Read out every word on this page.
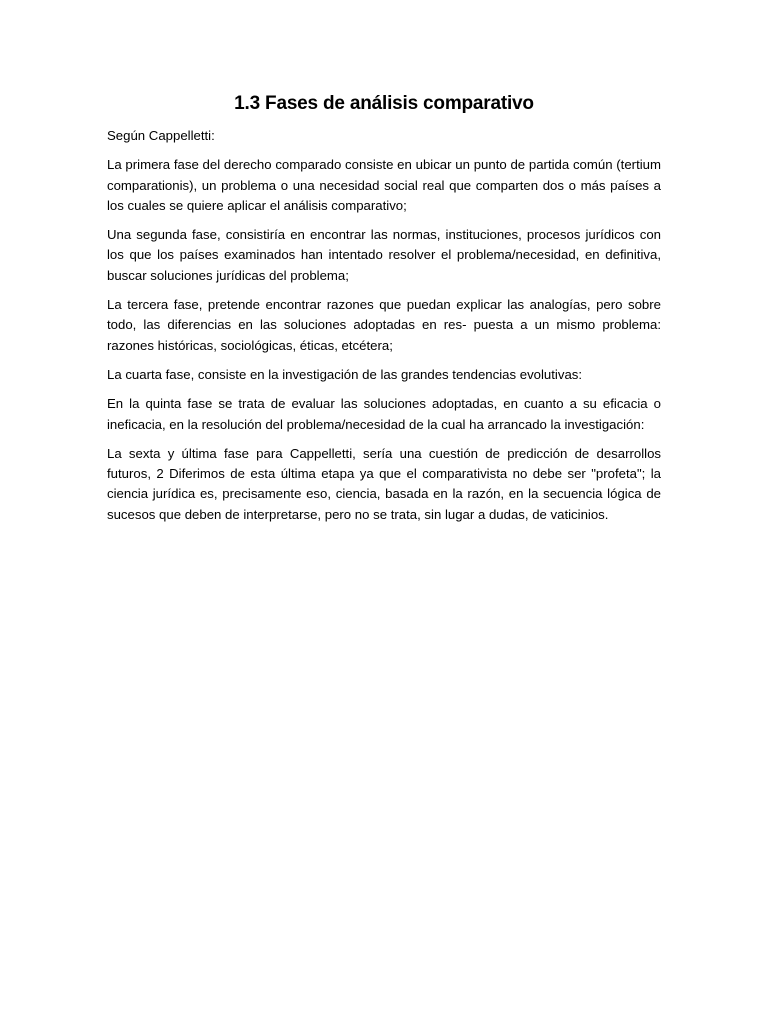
1.3 Fases de análisis comparativo

Según Cappelletti:

La primera fase del derecho comparado consiste en ubicar un punto de partida común (tertium comparationis), un problema o una necesidad social real que comparten dos o más países a los cuales se quiere aplicar el análisis comparativo;

Una segunda fase, consistiría en encontrar las normas, instituciones, procesos jurídicos con los que los países examinados han intentado resolver el problema/necesidad, en definitiva, buscar soluciones jurídicas del problema;

La tercera fase, pretende encontrar razones que puedan explicar las analogías, pero sobre todo, las diferencias en las soluciones adoptadas en res- puesta a un mismo problema: razones históricas, sociológicas, éticas, etcétera;

La cuarta fase, consiste en la investigación de las grandes tendencias evolutivas:

En la quinta fase se trata de evaluar las soluciones adoptadas, en cuanto a su eficacia o ineficacia, en la resolución del problema/necesidad de la cual ha arrancado la investigación:

La sexta y última fase para Cappelletti, sería una cuestión de predicción de desarrollos futuros, 2 Diferimos de esta última etapa ya que el comparativista no debe ser "profeta"; la ciencia jurídica es, precisamente eso, ciencia, basada en la razón, en la secuencia lógica de sucesos que deben de interpretarse, pero no se trata, sin lugar a dudas, de vaticinios.
